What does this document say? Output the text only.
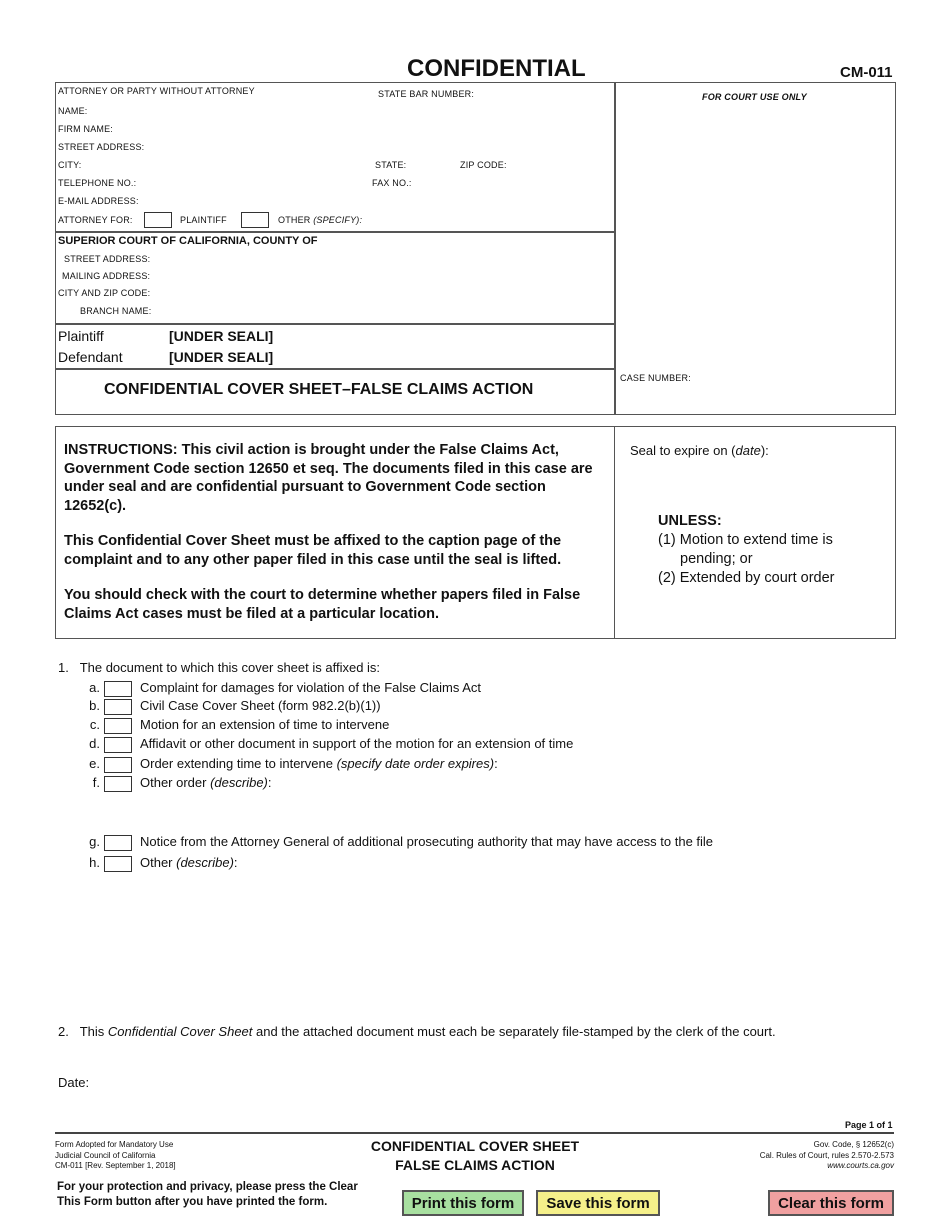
CONFIDENTIAL	CM-011
ATTORNEY OR PARTY WITHOUT ATTORNEY	STATE BAR NUMBER:
NAME:
FIRM NAME:
STREET ADDRESS:
CITY:	STATE:	ZIP CODE:
TELEPHONE NO.:	FAX NO.:
E-MAIL ADDRESS:
ATTORNEY FOR:	PLAINTIFF	OTHER (SPECIFY):
FOR COURT USE ONLY
SUPERIOR COURT OF CALIFORNIA, COUNTY OF
STREET ADDRESS:
MAILING ADDRESS:
CITY AND ZIP CODE:
BRANCH NAME:
Plaintiff	[UNDER SEALI]
Defendant	[UNDER SEALI]
CONFIDENTIAL COVER SHEET–FALSE CLAIMS ACTION
CASE NUMBER:
INSTRUCTIONS: This civil action is brought under the False Claims Act, Government Code section 12650 et seq. The documents filed in this case are under seal and are confidential pursuant to Government Code section 12652(c).
This Confidential Cover Sheet must be affixed to the caption page of the complaint and to any other paper filed in this case until the seal is lifted.
You should check with the court to determine whether papers filed in False Claims Act cases must be filed at a particular location.
Seal to expire on (date):
UNLESS:
(1) Motion to extend time is
pending; or
(2) Extended by court order
1. The document to which this cover sheet is affixed is:
a.	Complaint for damages for violation of the False Claims Act
b.	Civil Case Cover Sheet (form 982.2(b)(1))
c.	Motion for an extension of time to intervene
d.	Affidavit or other document in support of the motion for an extension of time
e.	Order extending time to intervene (specify date order expires):
f.	Other order (describe):
g.	Notice from the Attorney General of additional prosecuting authority that may have access to the file
h.	Other (describe):
2. This Confidential Cover Sheet and the attached document must each be separately file-stamped by the clerk of the court.
Date:
Page 1 of 1
Form Adopted for Mandatory Use
Judicial Council of California
CM-011 [Rev. September 1, 2018]
CONFIDENTIAL COVER SHEET
FALSE CLAIMS ACTION
Gov. Code, § 12652(c)
Cal. Rules of Court, rules 2.570-2.573
www.courts.ca.gov
For your protection and privacy, please press the Clear
This Form button after you have printed the form.	Print this form	Save this form	Clear this form
